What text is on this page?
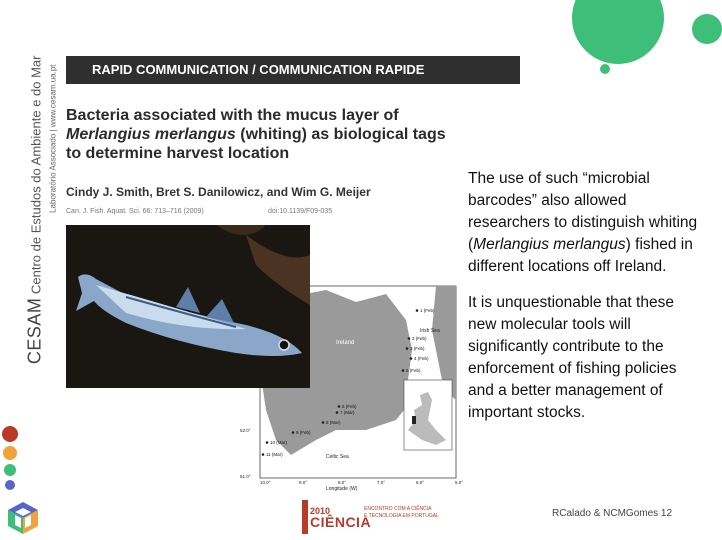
CESAM Centro de Estudos do Ambiente e do Mar Laboratório Associado | www.cesam.ua.pt	RAPID COMMUNICATION / COMMUNICATION RAPIDE
Bacteria associated with the mucus layer of Merlangius merlangus (whiting) as biological tags to determine harvest location
Cindy J. Smith, Bret S. Danilowicz, and Wim G. Meijer
Can. J. Fish. Aquat. Sci. 66: 713–716 (2009)	doi:10.1139/F09-035
Ireland
Irish Sea
Celtic Sea
1 (Feb)
2 (Feb)
3 (Feb)
4 (Feb)
5 (Feb)
6 (Feb)
7 (Mar)
8 (Mar)
9 (Feb)
10 (Mar)
11 (Mar)
Longitude (W)
10.0°	9.0°	8.0°	7.0°	6.0°	5.0°
52.0°
51.0°

The use of such “microbial barcodes” also allowed researchers to distinguish whiting (Merlangius merlangus) fished in different locations off Ireland.

It is unquestionable that these new molecular tools will significantly contribute to the enforcement of fishing policies and a better management of important stocks.

2010
CIÊNCIA
ENCONTRO COM A CIÊNCIA
E TECNOLOGIA EM PORTUGAL	RCalado & NCMGomes 12
